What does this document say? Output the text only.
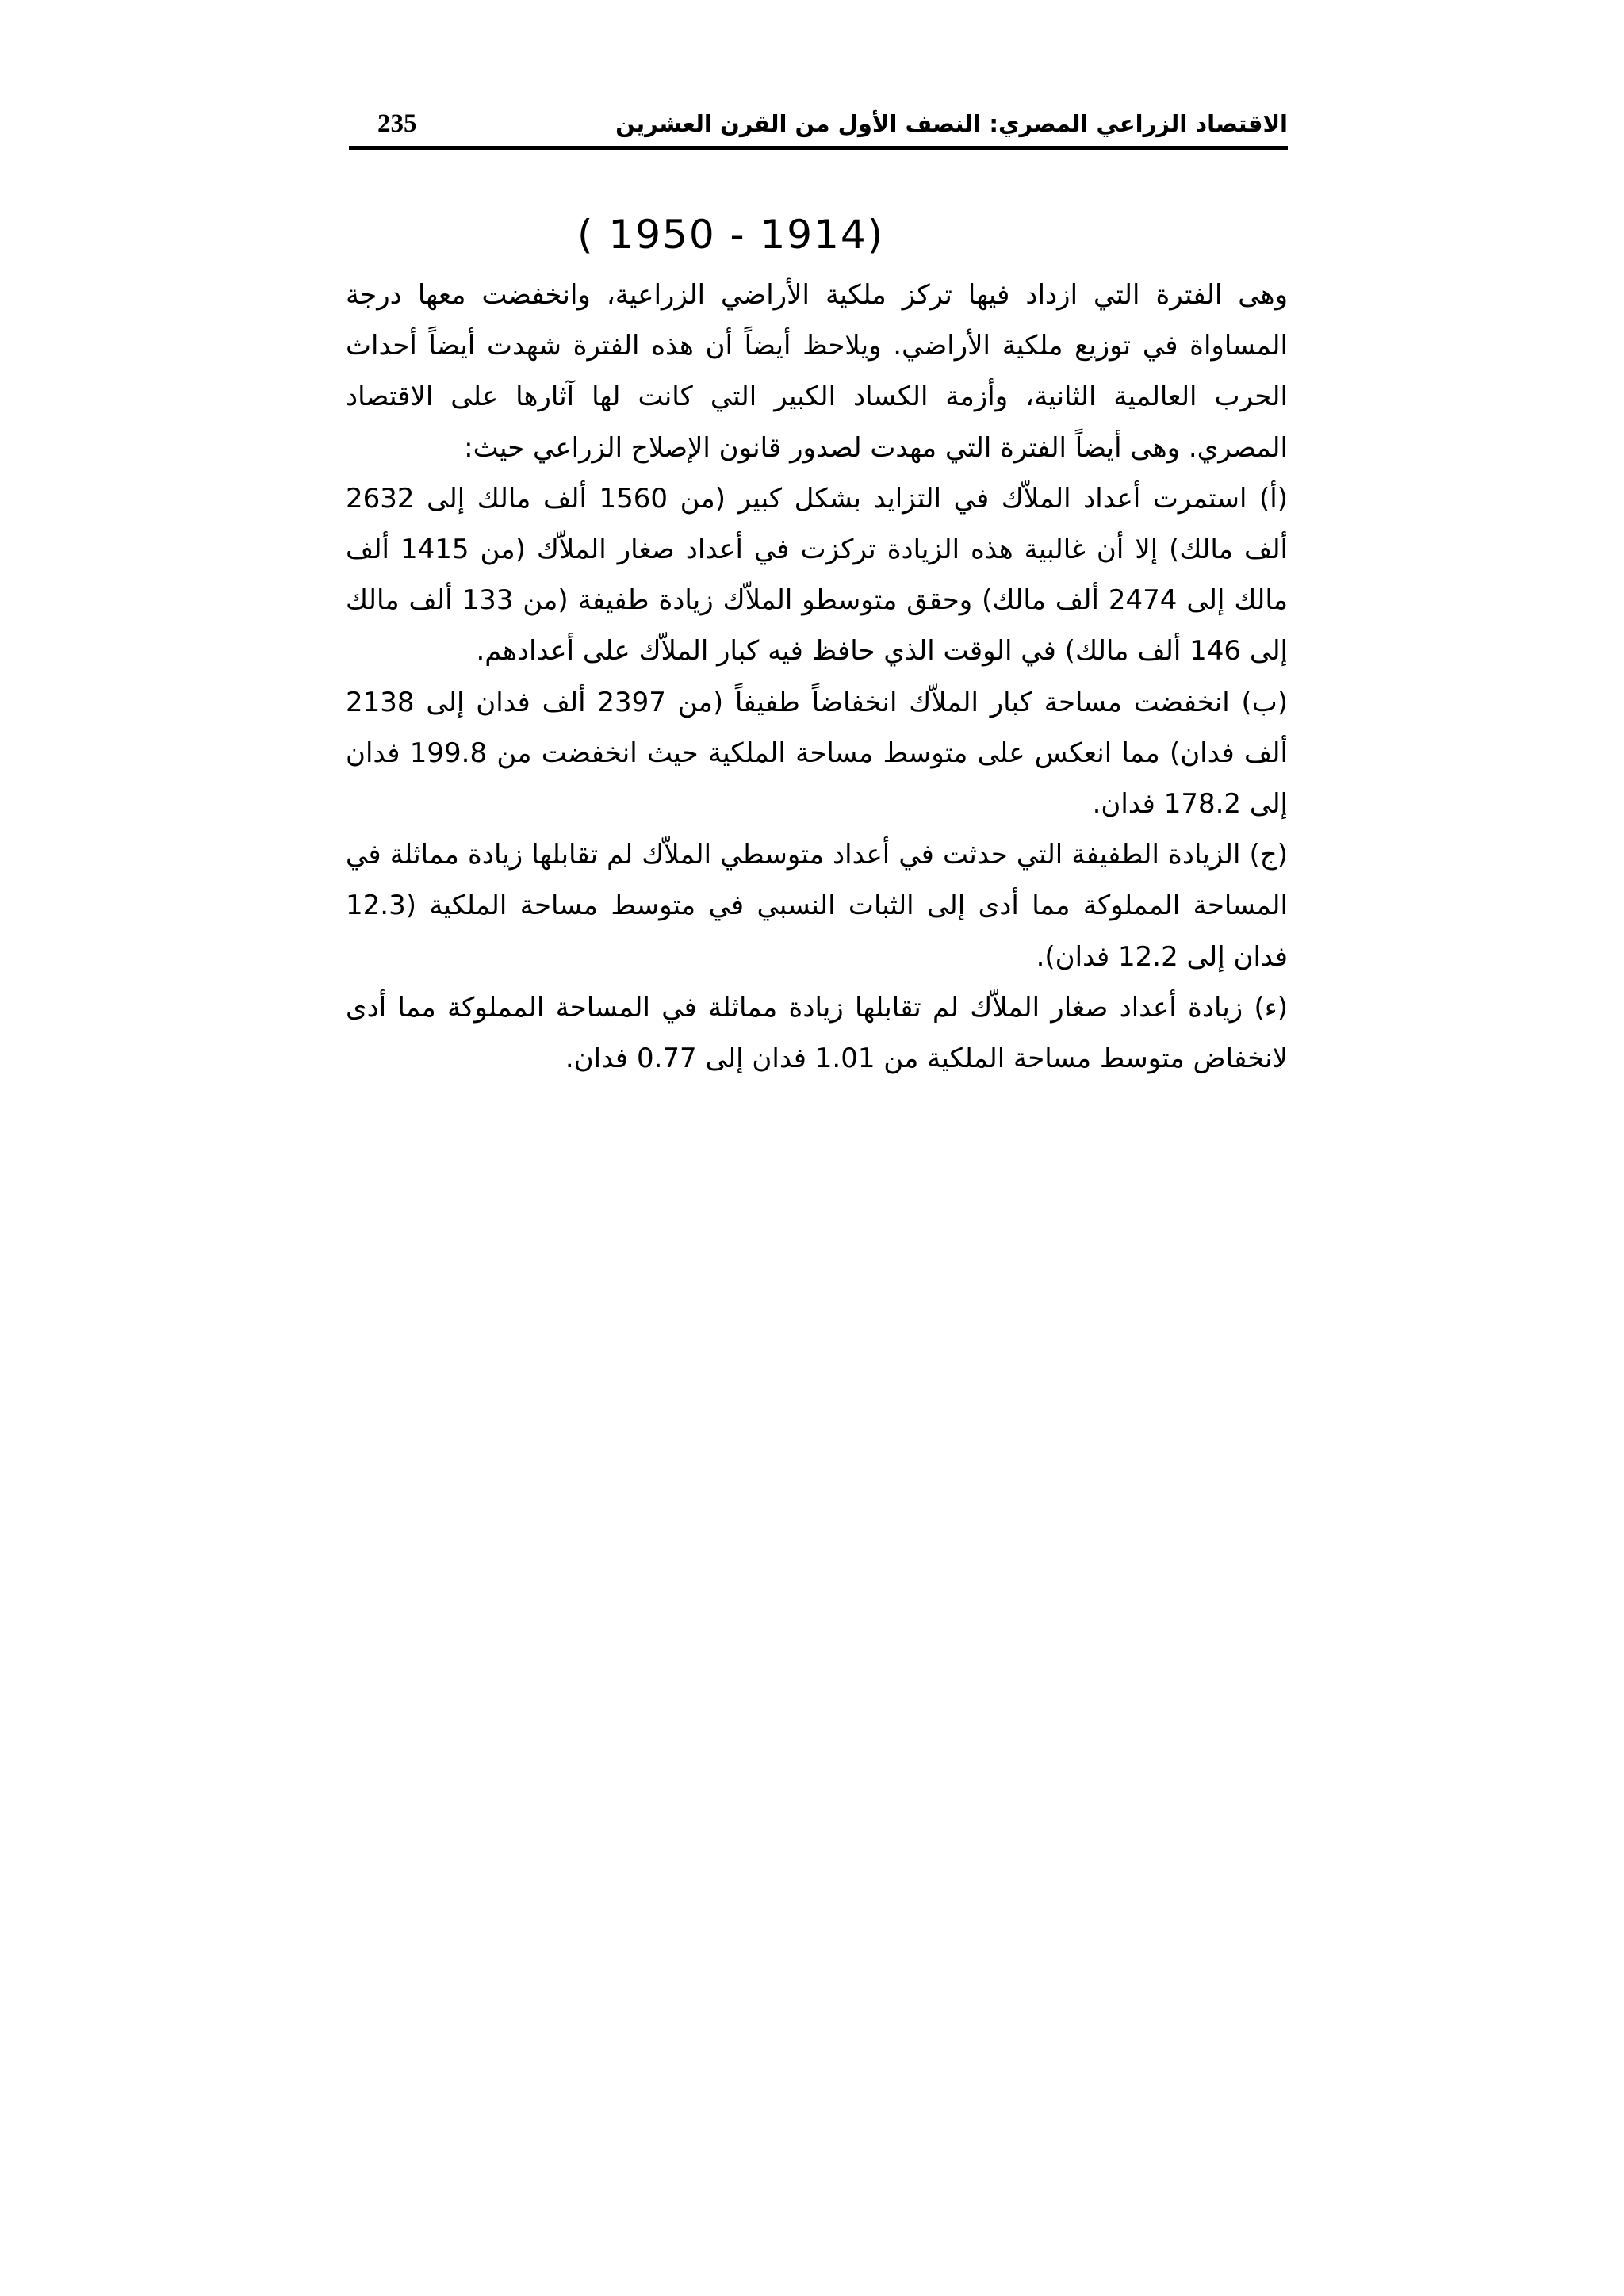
235	الاقتصاد الزراعي المصري: النصف الأول من القرن العشرين
( 1950 - 1914)

وهى الفترة التي ازداد فيها تركز ملكية الأراضي الزراعية، وانخفضت معها درجة المساواة في توزيع ملكية الأراضي. ويلاحظ أيضاً أن هذه الفترة شهدت أيضاً أحداث الحرب العالمية الثانية، وأزمة الكساد الكبير التي كانت لها آثارها على الاقتصاد المصري. وهى أيضاً الفترة التي مهدت لصدور قانون الإصلاح الزراعي حيث:

(أ) استمرت أعداد الملاّك في التزايد بشكل كبير (من 1560 ألف مالك إلى 2632 ألف مالك) إلا أن غالبية هذه الزيادة تركزت في أعداد صغار الملاّك (من 1415 ألف مالك إلى 2474 ألف مالك) وحقق متوسطو الملاّك زيادة طفيفة (من 133 ألف مالك إلى 146 ألف مالك) في الوقت الذي حافظ فيه كبار الملاّك على أعدادهم.

(ب) انخفضت مساحة كبار الملاّك انخفاضاً طفيفاً (من 2397 ألف فدان إلى 2138 ألف فدان) مما انعكس على متوسط مساحة الملكية حيث انخفضت من 199.8 فدان إلى 178.2 فدان.

(ج) الزيادة الطفيفة التي حدثت في أعداد متوسطي الملاّك لم تقابلها زيادة مماثلة في المساحة المملوكة مما أدى إلى الثبات النسبي في متوسط مساحة الملكية (12.3 فدان إلى 12.2 فدان).

(ء) زيادة أعداد صغار الملاّك لم تقابلها زيادة مماثلة في المساحة المملوكة مما أدى لانخفاض متوسط مساحة الملكية من 1.01 فدان إلى 0.77 فدان.
